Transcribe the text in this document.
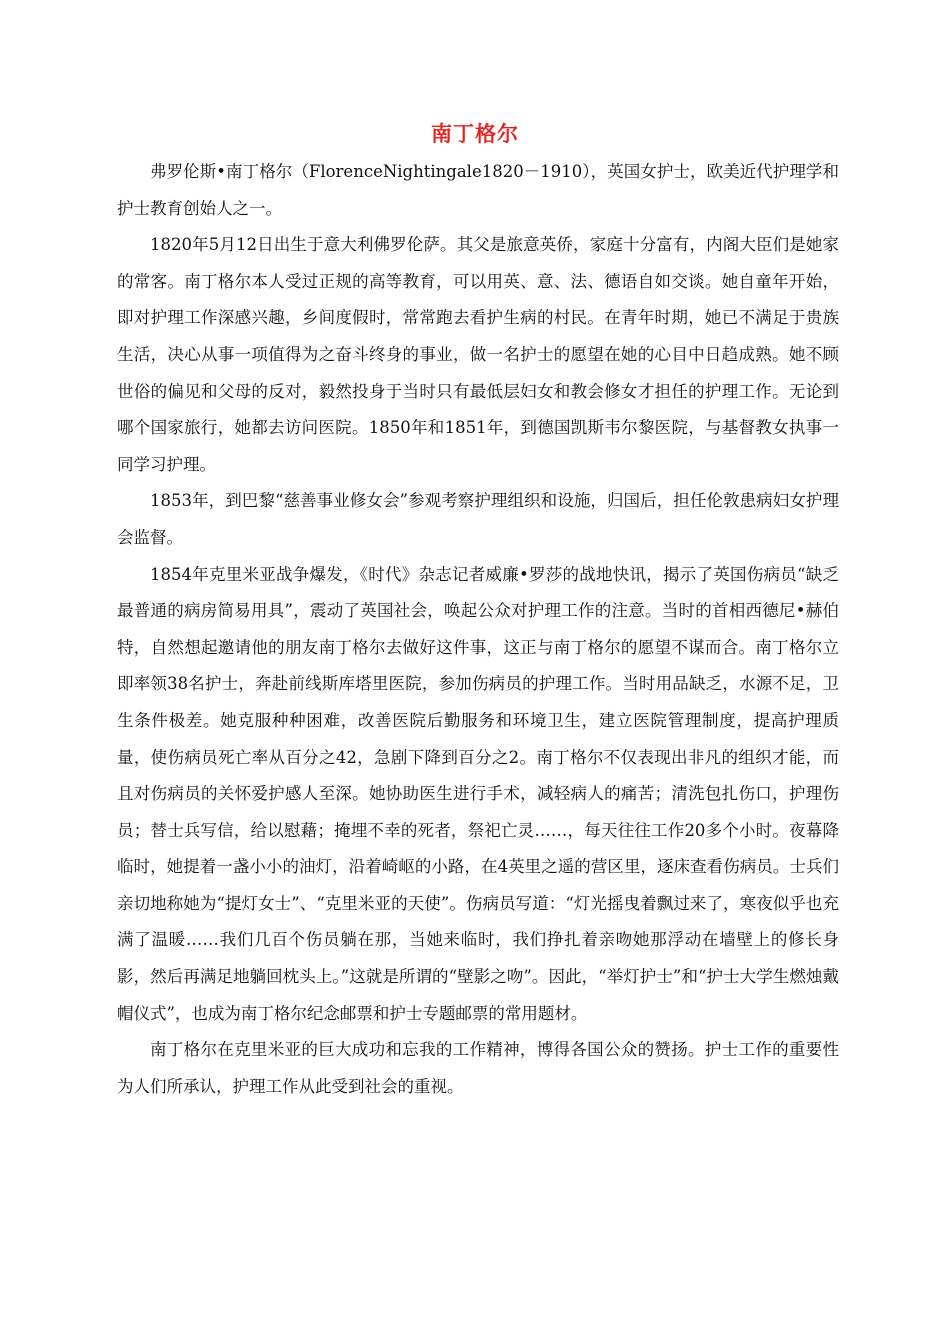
南丁格尔

弗罗伦斯•南丁格尔（FlorenceNightingale1820－1910），英国女护士，欧美近代护理学和护士教育创始人之一。

1820年5月12日出生于意大利佛罗伦萨。其父是旅意英侨，家庭十分富有，内阁大臣们是她家的常客。南丁格尔本人受过正规的高等教育，可以用英、意、法、德语自如交谈。她自童年开始，即对护理工作深感兴趣，乡间度假时，常常跑去看护生病的村民。在青年时期，她已不满足于贵族生活，决心从事一项值得为之奋斗终身的事业，做一名护士的愿望在她的心目中日趋成熟。她不顾世俗的偏见和父母的反对，毅然投身于当时只有最低层妇女和教会修女才担任的护理工作。无论到哪个国家旅行，她都去访问医院。1850年和1851年，到德国凯斯韦尔黎医院，与基督教女执事一同学习护理。

1853年，到巴黎“慈善事业修女会”参观考察护理组织和设施，归国后，担任伦敦患病妇女护理会监督。

1854年克里米亚战争爆发，《时代》杂志记者威廉•罗莎的战地快讯，揭示了英国伤病员“缺乏最普通的病房简易用具”，震动了英国社会，唤起公众对护理工作的注意。当时的首相西德尼•赫伯特，自然想起邀请他的朋友南丁格尔去做好这件事，这正与南丁格尔的愿望不谋而合。南丁格尔立即率领38名护士，奔赴前线斯库塔里医院，参加伤病员的护理工作。当时用品缺乏，水源不足，卫生条件极差。她克服种种困难，改善医院后勤服务和环境卫生，建立医院管理制度，提高护理质量，使伤病员死亡率从百分之42，急剧下降到百分之2。南丁格尔不仅表现出非凡的组织才能，而且对伤病员的关怀爱护感人至深。她协助医生进行手术，减轻病人的痛苦；清洗包扎伤口，护理伤员；替士兵写信，给以慰藉；掩埋不幸的死者，祭祀亡灵……，每天往往工作20多个小时。夜幕降临时，她提着一盏小小的油灯，沿着崎岖的小路，在4英里之遥的营区里，逐床查看伤病员。士兵们亲切地称她为“提灯女士”、“克里米亚的天使”。伤病员写道：“灯光摇曳着飘过来了，寒夜似乎也充满了温暖……我们几百个伤员躺在那，当她来临时，我们挣扎着亲吻她那浮动在墙壁上的修长身影，然后再满足地躺回枕头上。”这就是所谓的“壁影之吻”。因此，“举灯护士”和“护士大学生燃烛戴帽仪式”，也成为南丁格尔纪念邮票和护士专题邮票的常用题材。

南丁格尔在克里米亚的巨大成功和忘我的工作精神，博得各国公众的赞扬。护士工作的重要性为人们所承认，护理工作从此受到社会的重视。
